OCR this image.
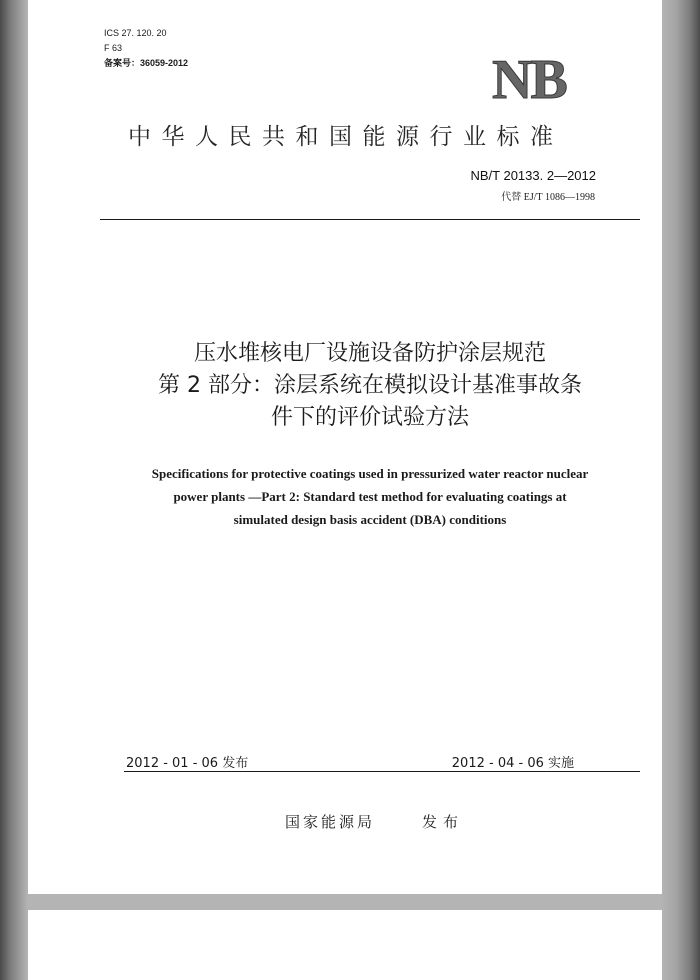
ICS 27. 120. 20
F 63
备案号：36059-2012	NB
中华人民共和国能源行业标准
NB/T 20133. 2—2012
代替 EJ/T 1086—1998
压水堆核电厂设施设备防护涂层规范
第 2 部分：涂层系统在模拟设计基准事故条
件下的评价试验方法
Specifications for protective coatings used in pressurized water reactor nuclear
power plants —Part 2: Standard test method for evaluating coatings at
simulated design basis accident (DBA) conditions
2012 - 01 - 06 发布	2012 - 04 - 06 实施
国家能源局	发布
